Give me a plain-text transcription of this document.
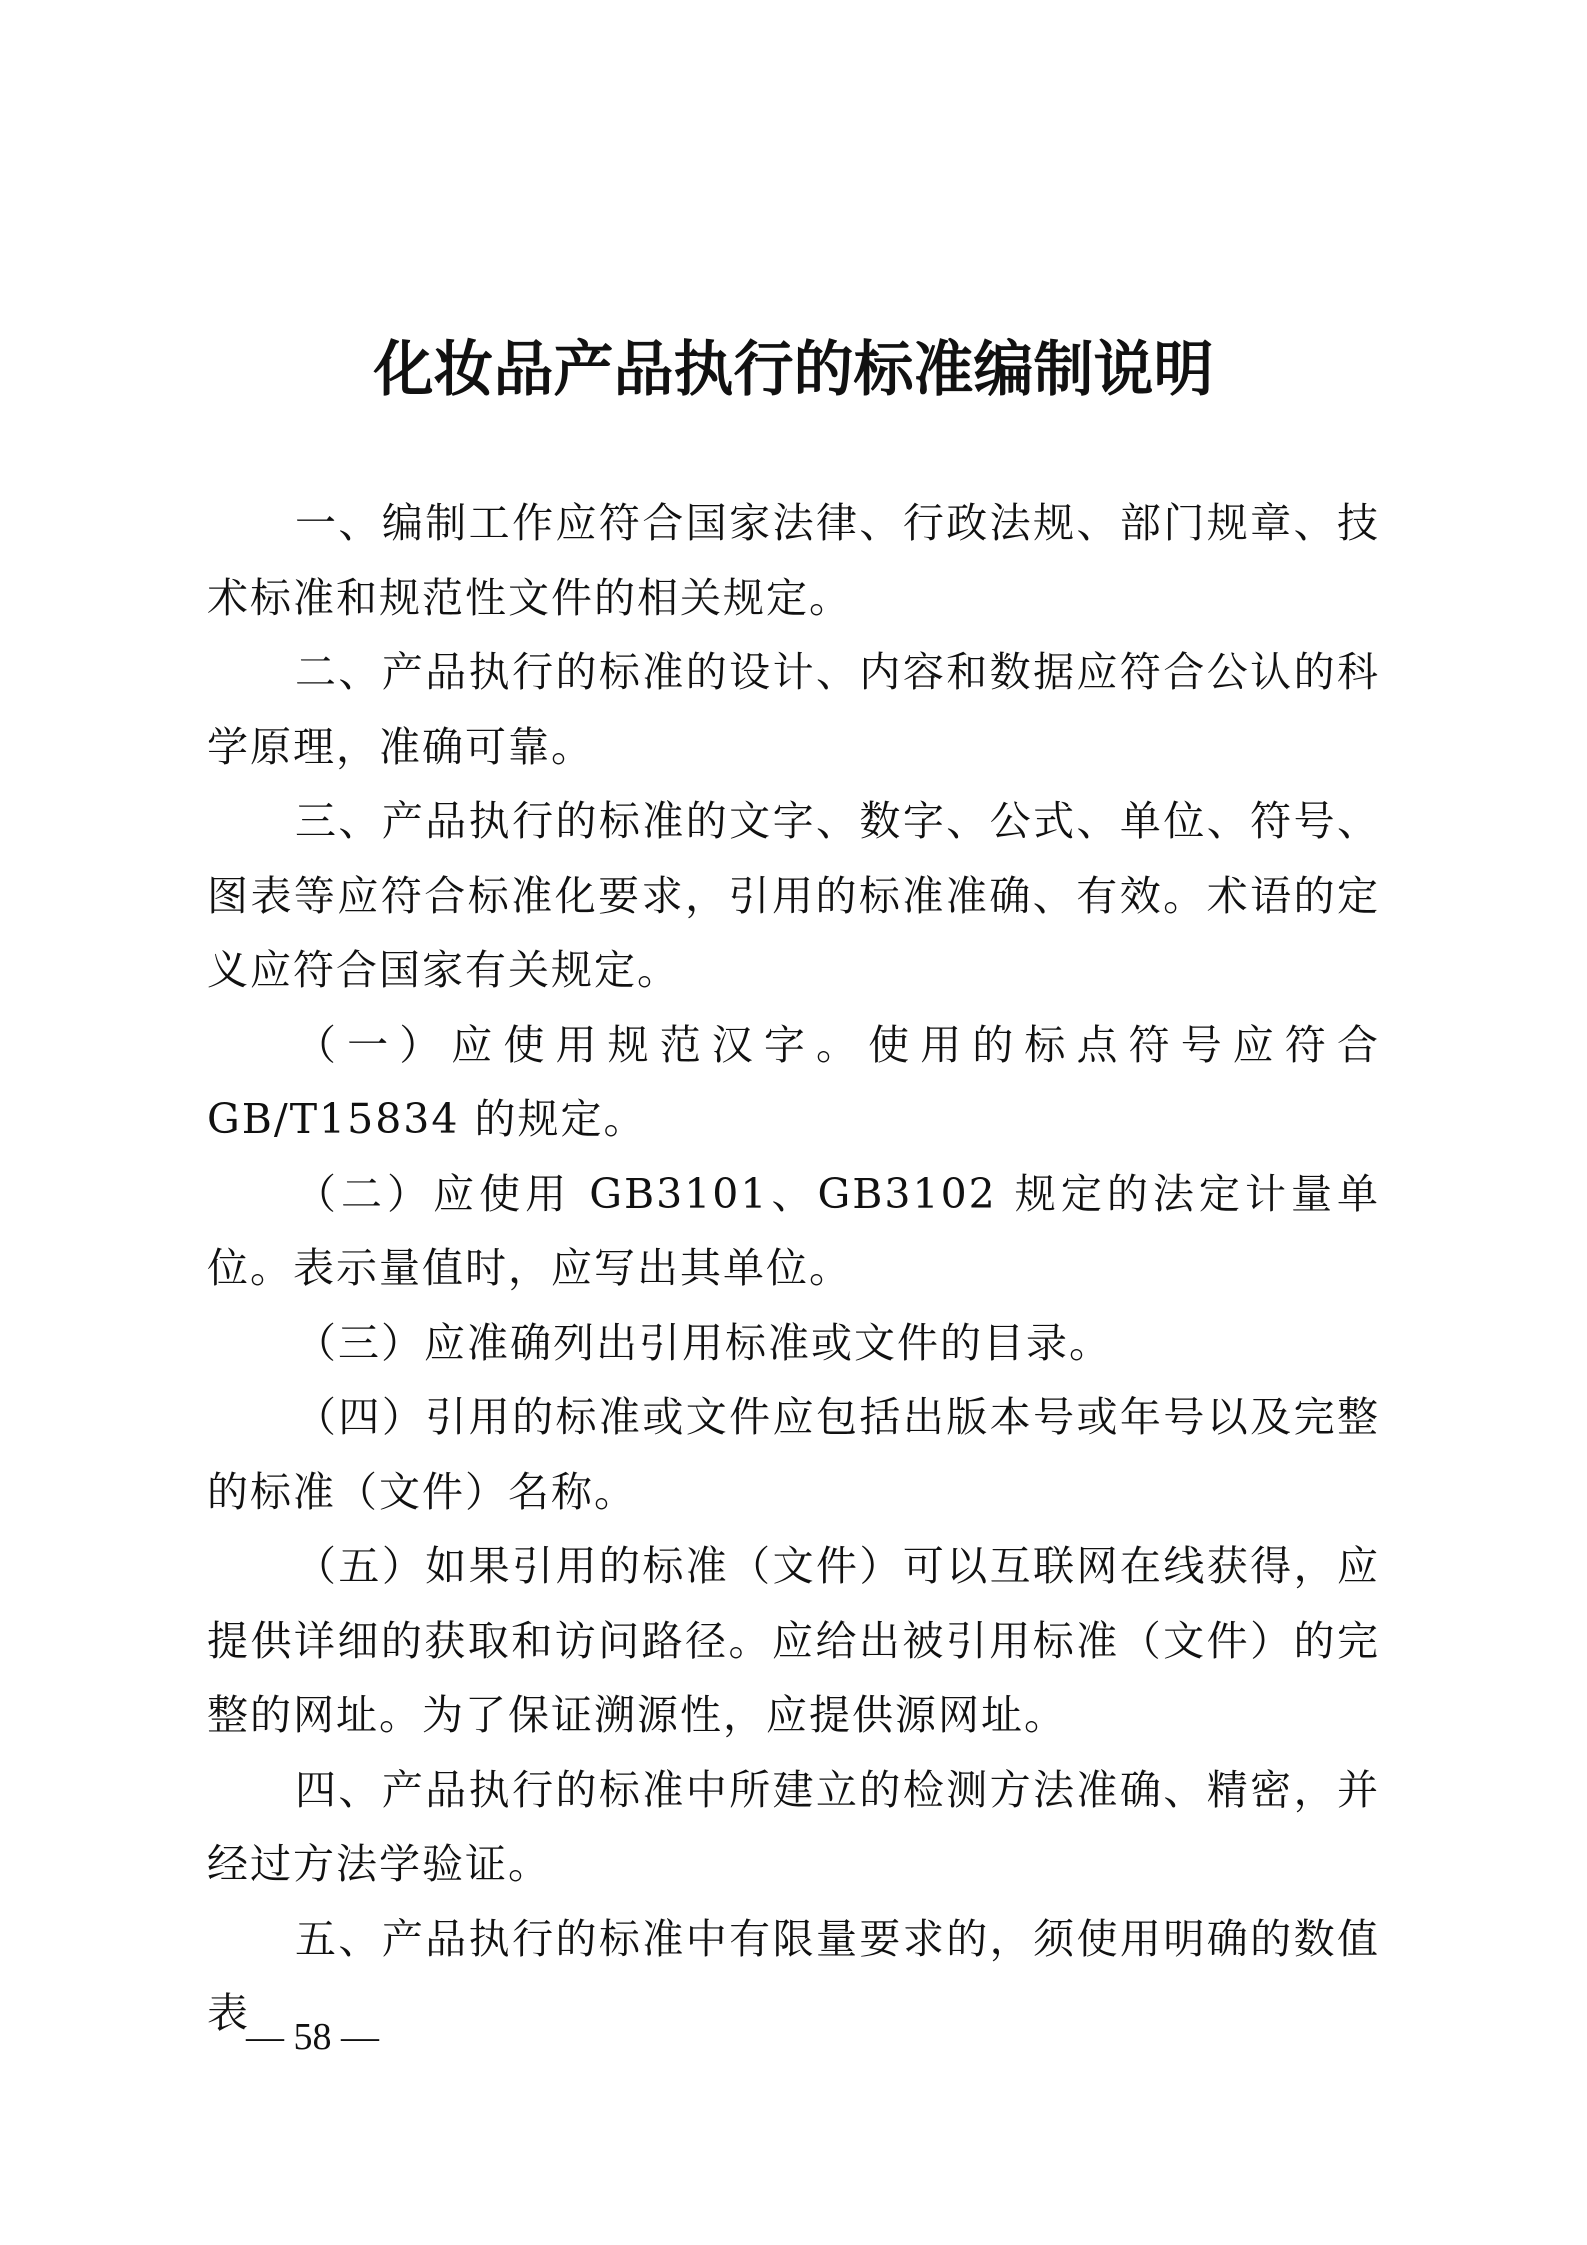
化妆品产品执行的标准编制说明

一、编制工作应符合国家法律、行政法规、部门规章、技术标准和规范性文件的相关规定。

二、产品执行的标准的设计、内容和数据应符合公认的科学原理，准确可靠。

三、产品执行的标准的文字、数字、公式、单位、符号、图表等应符合标准化要求，引用的标准准确、有效。术语的定义应符合国家有关规定。

（一）应使用规范汉字。使用的标点符号应符合 GB/T15834 的规定。

（二）应使用 GB3101、GB3102 规定的法定计量单位。表示量值时，应写出其单位。

（三）应准确列出引用标准或文件的目录。

（四）引用的标准或文件应包括出版本号或年号以及完整的标准（文件）名称。

（五）如果引用的标准（文件）可以互联网在线获得，应提供详细的获取和访问路径。应给出被引用标准（文件）的完整的网址。为了保证溯源性，应提供源网址。

四、产品执行的标准中所建立的检测方法准确、精密，并经过方法学验证。

五、产品执行的标准中有限量要求的，须使用明确的数值表

— 58 —
